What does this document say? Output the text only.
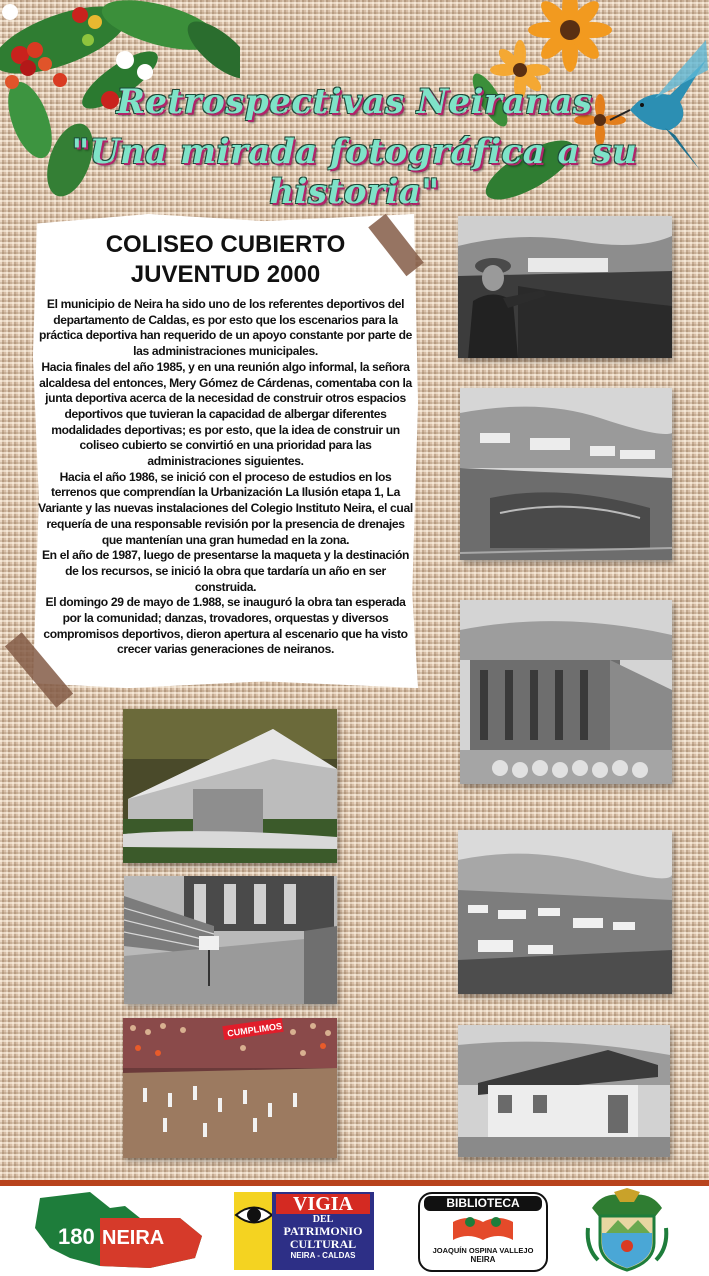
Retrospectivas Neiranas
"Una mirada fotográfica a su historia"
COLISEO CUBIERTO
JUVENTUD 2000

El municipio de Neira ha sido uno de los referentes deportivos del departamento de Caldas, es por esto que los escenarios para la práctica deportiva han requerido de un apoyo constante por parte de las administraciones municipales.

Hacia finales del año 1985, y en una reunión algo informal, la señora alcaldesa del entonces, Mery Gómez de Cárdenas, comentaba con la junta deportiva acerca de la necesidad de construir otros espacios deportivos que tuvieran la capacidad de albergar diferentes modalidades deportivas; es por esto, que la idea de construir un coliseo cubierto se convirtió en una prioridad para las administraciones siguientes.

Hacia el año 1986, se inició con el proceso de estudios en los terrenos que comprendían la Urbanización La Ilusión etapa 1, La Variante y las nuevas instalaciones del Colegio Instituto Neira, el cual requería de una responsable revisión por la presencia de drenajes que mantenían una gran humedad en la zona.

En el año de 1987, luego de presentarse la maqueta y la destinación de los recursos, se inició la obra que tardaría un año en ser construida.

El domingo 29 de mayo de 1.988, se inauguró la obra tan esperada por la comunidad; danzas, trovadores, orquestas y diversos compromisos deportivos, dieron apertura al escenario que ha visto crecer varias generaciones de neiranos.

CUMPLIMOS
180 NEIRA
VIGIA
DEL
PATRIMONIO
CULTURAL
NEIRA - CALDAS
BIBLIOTECA
JOAQUÍN OSPINA VALLEJO
NEIRA
